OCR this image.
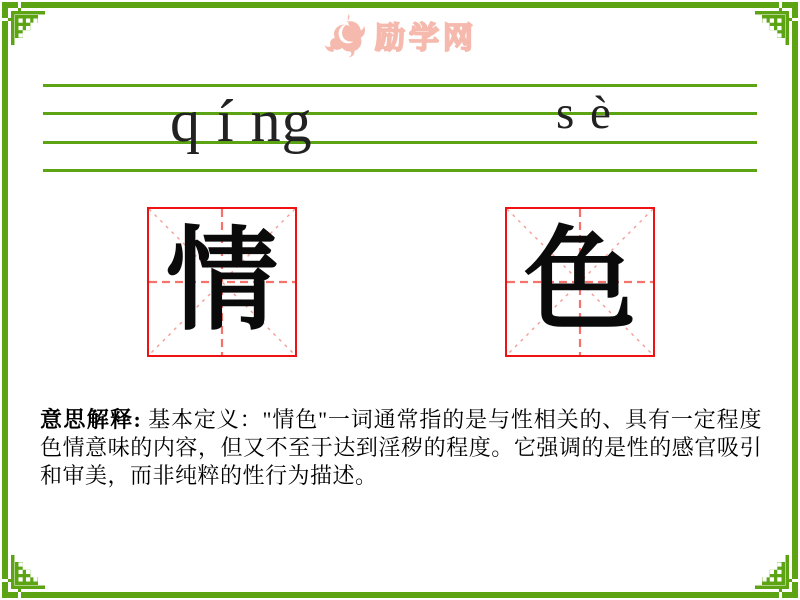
励学网
q í ng	s è
情 色
意思解释: 基本定义："情色"一词通常指的是与性相关的、具有一定程度色情意味的内容，但又不至于达到淫秽的程度。它强调的是性的感官吸引和审美，而非纯粹的性行为描述。
